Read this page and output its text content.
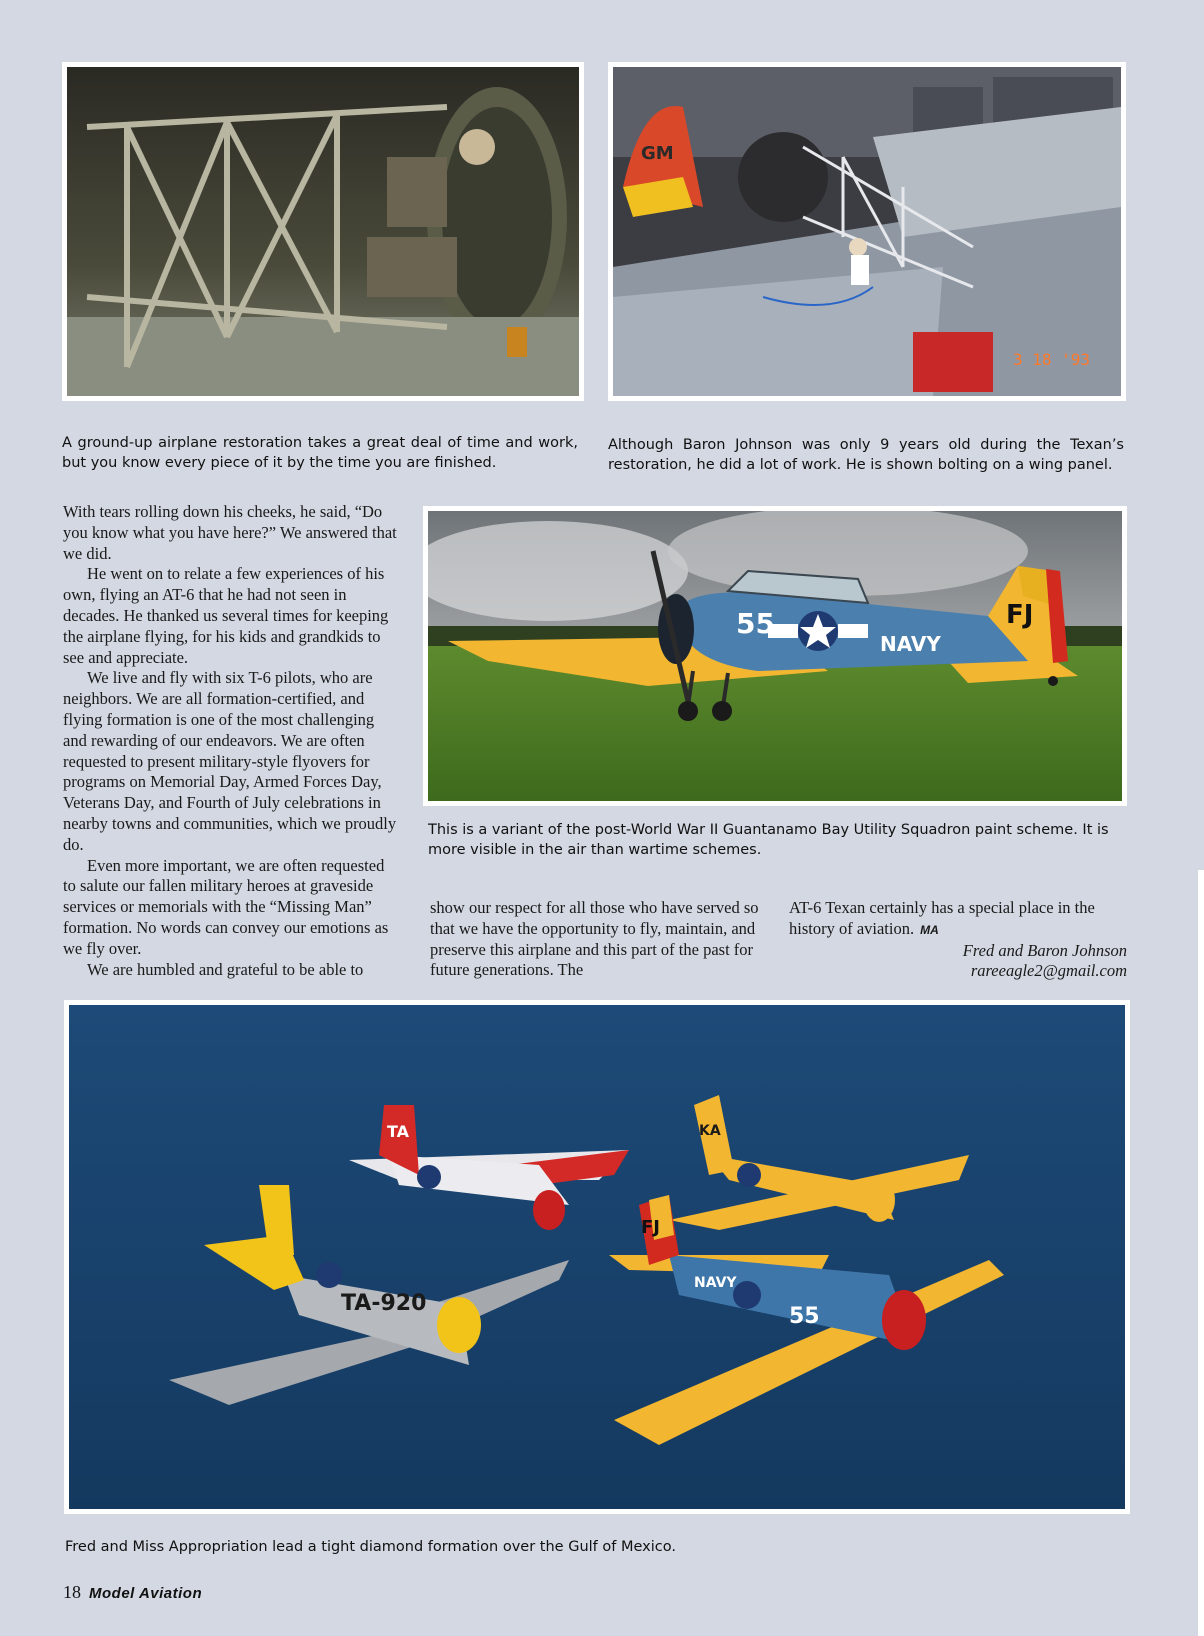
GM
3 18 '93
A ground-up airplane restoration takes a great deal of time and work, but you know every piece of it by the time you are finished.
Although Baron Johnson was only 9 years old during the Texan’s restoration, he did a lot of work. He is shown bolting on a wing panel.
55
NAVY
FJ
This is a variant of the post-World War II Guantanamo Bay Utility Squadron paint scheme. It is more visible in the air than wartime schemes.

With tears rolling down his cheeks, he said, “Do you know what you have here?” We answered that we did.

He went on to relate a few experiences of his own, flying an AT-6 that he had not seen in decades. He thanked us several times for keeping the airplane flying, for his kids and grandkids to see and appreciate.

We live and fly with six T-6 pilots, who are neighbors. We are all formation-certified, and flying formation is one of the most challenging and rewarding of our endeavors. We are often requested to present military-style flyovers for programs on Memorial Day, Armed Forces Day, Veterans Day, and Fourth of July celebrations in nearby towns and communities, which we proudly do.

Even more important, we are often requested to salute our fallen military heroes at graveside services or memorials with the “Missing Man” formation. No words can convey our emotions as we fly over.

We are humbled and grateful to be able to

show our respect for all those who have served so that we have the opportunity to fly, maintain, and preserve this airplane and this part of the past for future generations. The

AT-6 Texan certainly has a special place in the history of aviation. MA

Fred and Baron Johnson

rareeagle2@gmail.com

TA
TA-920
KA
FJ
55
NAVY
Fred and Miss Appropriation lead a tight diamond formation over the Gulf of Mexico.
18 Model Aviation
